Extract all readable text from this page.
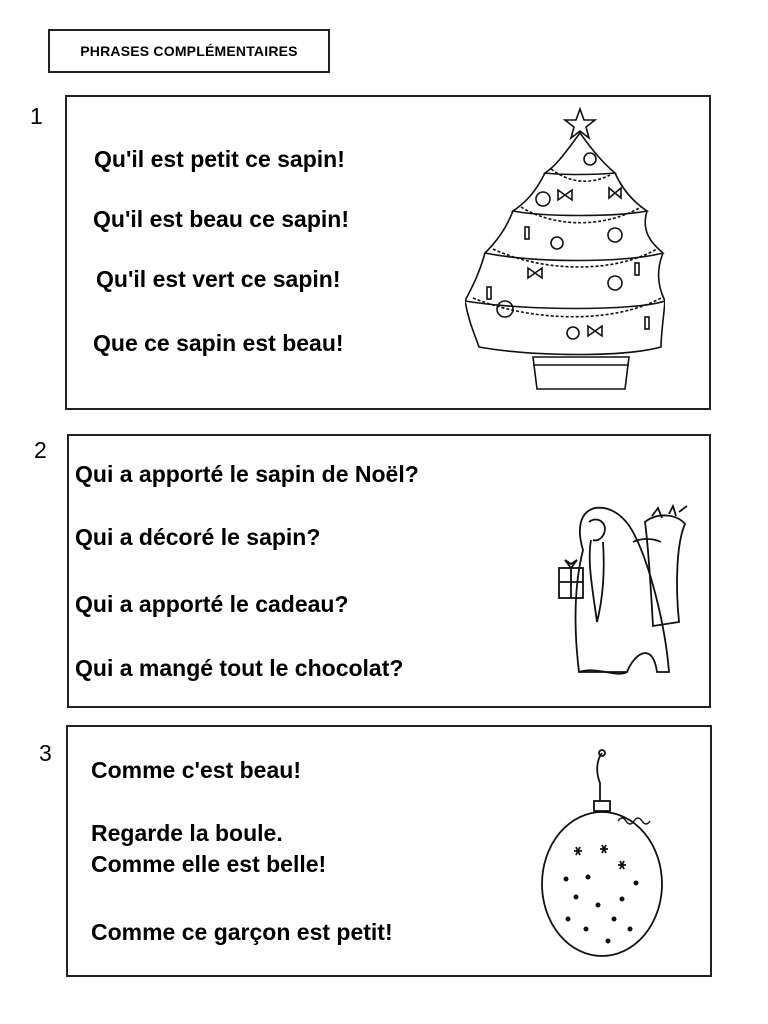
PHRASES COMPLÉMENTAIRES
1

Qu'il est petit ce sapin!

Qu'il est beau ce sapin!

Qu'il est vert ce sapin!

Que ce sapin est beau!

2

Qui a apporté le sapin de Noël?

Qui a décoré le sapin?

Qui a apporté le cadeau?

Qui a mangé tout le chocolat?

3

Comme c'est beau!

Regarde la boule.

Comme elle est belle!

Comme ce garçon est petit!
